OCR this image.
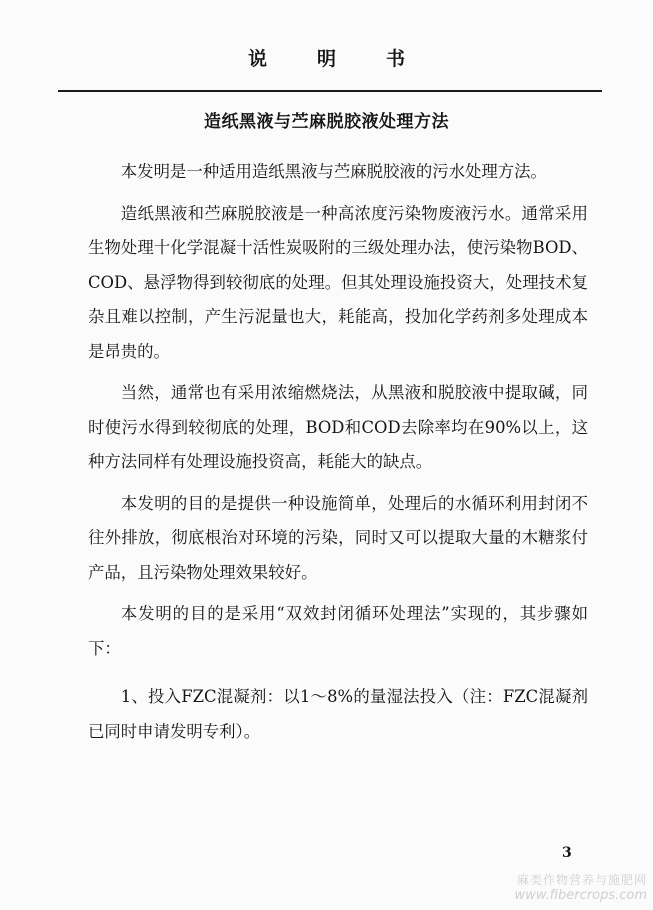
说明书
造纸黑液与苎麻脱胶液处理方法

本发明是一种适用造纸黑液与苎麻脱胶液的污水处理方法。

造纸黑液和苎麻脱胶液是一种高浓度污染物废液污水。通常采用生物处理十化学混凝十活性炭吸附的三级处理办法，使污染物BOD、COD、悬浮物得到较彻底的处理。但其处理设施投资大，处理技术复杂且难以控制，产生污泥量也大，耗能高，投加化学药剂多处理成本是昂贵的。

当然，通常也有采用浓缩燃烧法，从黑液和脱胶液中提取碱，同时使污水得到较彻底的处理，BOD和COD去除率均在90%以上，这种方法同样有处理设施投资高，耗能大的缺点。

本发明的目的是提供一种设施简单，处理后的水循环利用封闭不往外排放，彻底根治对环境的污染，同时又可以提取大量的木糖浆付产品，且污染物处理效果较好。

本发明的目的是采用“双效封闭循环处理法”实现的，其步骤如下：

1、投入FZC混凝剂：以1～8%的量湿法投入（注：FZC混凝剂已同时申请发明专利）。

3
麻类作物营养与施肥网
www.fibercrops.com
